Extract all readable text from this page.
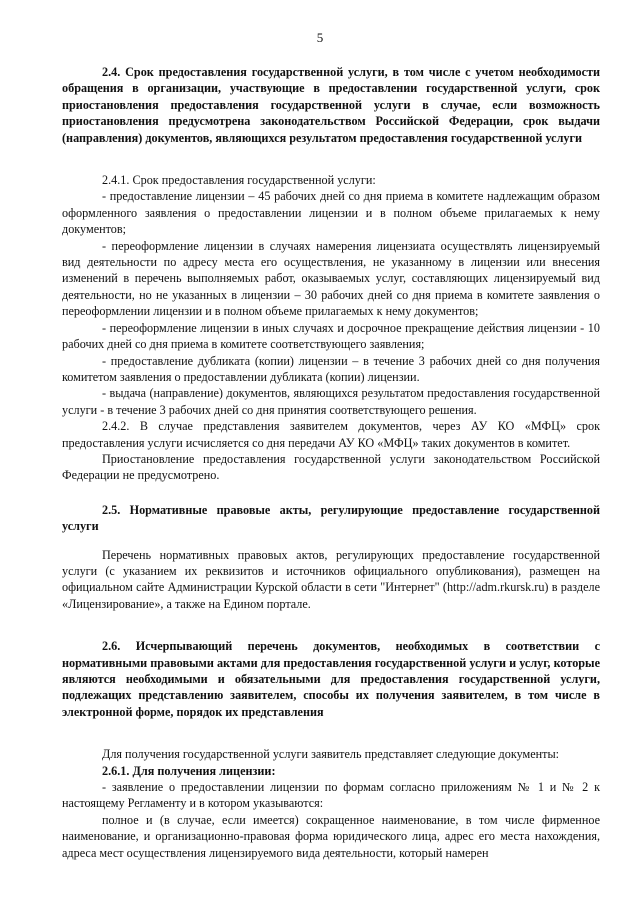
5

2.4. Срок предоставления государственной услуги, в том числе с учетом необходимости обращения в организации, участвующие в предоставлении государственной услуги, срок приостановления предоставления государственной услуги в случае, если возможность приостановления предусмотрена законодательством Российской Федерации, срок выдачи (направления) документов, являющихся результатом предоставления государственной услуги

2.4.1. Срок предоставления государственной услуги:

- предоставление лицензии – 45 рабочих дней со дня приема в комитете надлежащим образом оформленного заявления о предоставлении лицензии и в полном объеме прилагаемых к нему документов;

- переоформление лицензии в случаях намерения лицензиата осуществлять лицензируемый вид деятельности по адресу места его осуществления, не указанному в лицензии или внесения изменений в перечень выполняемых работ, оказываемых услуг, составляющих лицензируемый вид деятельности, но не указанных в лицензии – 30 рабочих дней со дня приема в комитете заявления о переоформлении лицензии и в полном объеме прилагаемых к нему документов;

- переоформление лицензии в иных случаях и досрочное прекращение действия лицензии - 10 рабочих дней со дня приема в комитете соответствующего заявления;

- предоставление дубликата (копии) лицензии – в течение 3 рабочих дней со дня получения комитетом заявления о предоставлении дубликата (копии) лицензии.

- выдача (направление) документов, являющихся результатом предоставления государственной услуги - в течение 3 рабочих дней со дня принятия соответствующего решения.

2.4.2. В случае представления заявителем документов, через АУ КО «МФЦ» срок предоставления услуги исчисляется со дня передачи АУ КО «МФЦ» таких документов в комитет.

Приостановление предоставления государственной услуги законодательством Российской Федерации не предусмотрено.

2.5. Нормативные правовые акты, регулирующие предоставление государственной услуги

Перечень нормативных правовых актов, регулирующих предоставление государственной услуги (с указанием их реквизитов и источников официального опубликования), размещен на официальном сайте Администрации Курской области в сети "Интернет" (http://adm.rkursk.ru) в разделе «Лицензирование», а также на Едином портале.

2.6. Исчерпывающий перечень документов, необходимых в соответствии с нормативными правовыми актами для предоставления государственной услуги и услуг, которые являются необходимыми и обязательными для предоставления государственной услуги, подлежащих представлению заявителем, способы их получения заявителем, в том числе в электронной форме, порядок их представления

Для получения государственной услуги заявитель представляет следующие документы:

2.6.1. Для получения лицензии:

- заявление о предоставлении лицензии по формам согласно приложениям № 1 и № 2 к настоящему Регламенту и в котором указываются:

полное и (в случае, если имеется) сокращенное наименование, в том числе фирменное наименование, и организационно-правовая форма юридического лица, адрес его места нахождения, адреса мест осуществления лицензируемого вида деятельности, который намерен
